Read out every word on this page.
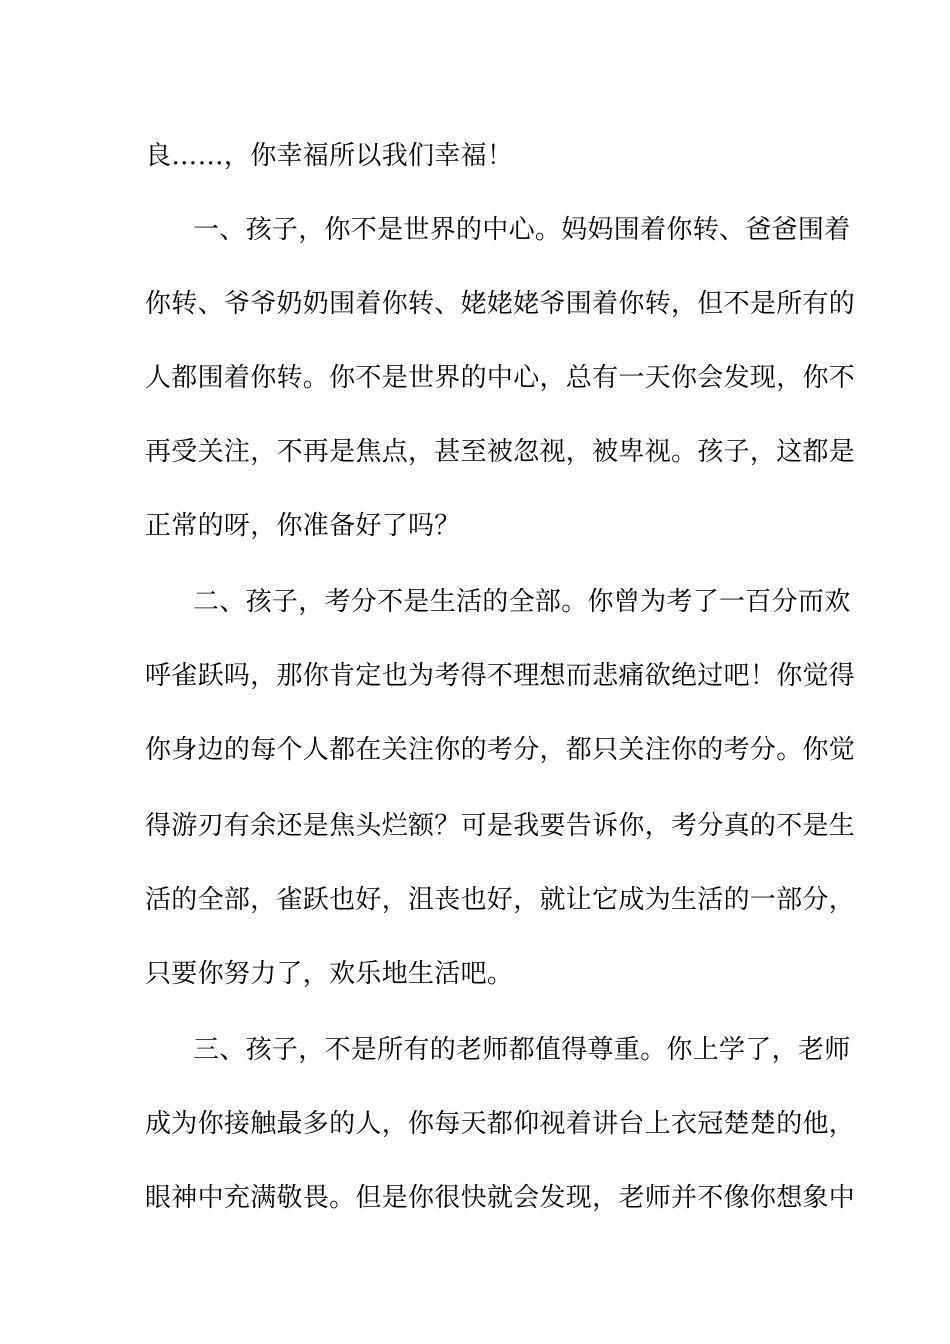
良……，你幸福所以我们幸福！
一、孩子，你不是世界的中心。妈妈围着你转、爸爸围着
你转、爷爷奶奶围着你转、姥姥姥爷围着你转，但不是所有的
人都围着你转。你不是世界的中心，总有一天你会发现，你不
再受关注，不再是焦点，甚至被忽视，被卑视。孩子，这都是
正常的呀，你准备好了吗？
二、孩子，考分不是生活的全部。你曾为考了一百分而欢
呼雀跃吗，那你肯定也为考得不理想而悲痛欲绝过吧！你觉得
你身边的每个人都在关注你的考分，都只关注你的考分。你觉
得游刃有余还是焦头烂额？可是我要告诉你，考分真的不是生
活的全部，雀跃也好，沮丧也好，就让它成为生活的一部分，
只要你努力了，欢乐地生活吧。
三、孩子，不是所有的老师都值得尊重。你上学了，老师
成为你接触最多的人，你每天都仰视着讲台上衣冠楚楚的他，
眼神中充满敬畏。但是你很快就会发现，老师并不像你想象中
